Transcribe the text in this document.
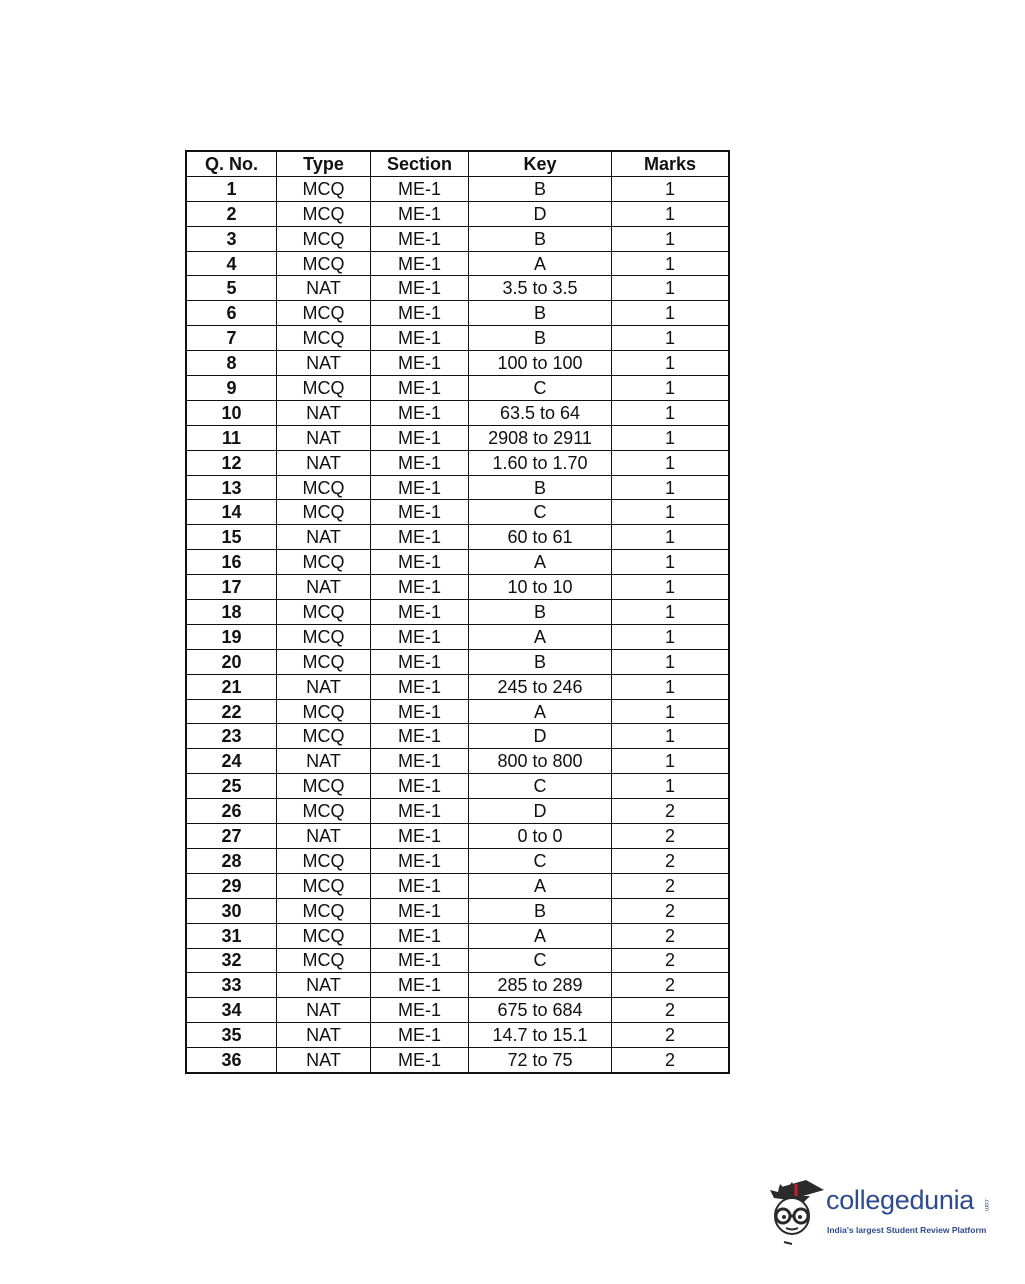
Q. No.	Type	Section	Key	Marks
1	MCQ	ME-1	B	1
2	MCQ	ME-1	D	1
3	MCQ	ME-1	B	1
4	MCQ	ME-1	A	1
5	NAT	ME-1	3.5 to 3.5	1
6	MCQ	ME-1	B	1
7	MCQ	ME-1	B	1
8	NAT	ME-1	100 to 100	1
9	MCQ	ME-1	C	1
10	NAT	ME-1	63.5 to 64	1
11	NAT	ME-1	2908 to 2911	1
12	NAT	ME-1	1.60 to 1.70	1
13	MCQ	ME-1	B	1
14	MCQ	ME-1	C	1
15	NAT	ME-1	60 to 61	1
16	MCQ	ME-1	A	1
17	NAT	ME-1	10 to 10	1
18	MCQ	ME-1	B	1
19	MCQ	ME-1	A	1
20	MCQ	ME-1	B	1
21	NAT	ME-1	245 to 246	1
22	MCQ	ME-1	A	1
23	MCQ	ME-1	D	1
24	NAT	ME-1	800 to 800	1
25	MCQ	ME-1	C	1
26	MCQ	ME-1	D	2
27	NAT	ME-1	0 to 0	2
28	MCQ	ME-1	C	2
29	MCQ	ME-1	A	2
30	MCQ	ME-1	B	2
31	MCQ	ME-1	A	2
32	MCQ	ME-1	C	2
33	NAT	ME-1	285 to 289	2
34	NAT	ME-1	675 to 684	2
35	NAT	ME-1	14.7 to 15.1	2
36	NAT	ME-1	72 to 75	2
collegedunia .com
India's largest Student Review Platform
